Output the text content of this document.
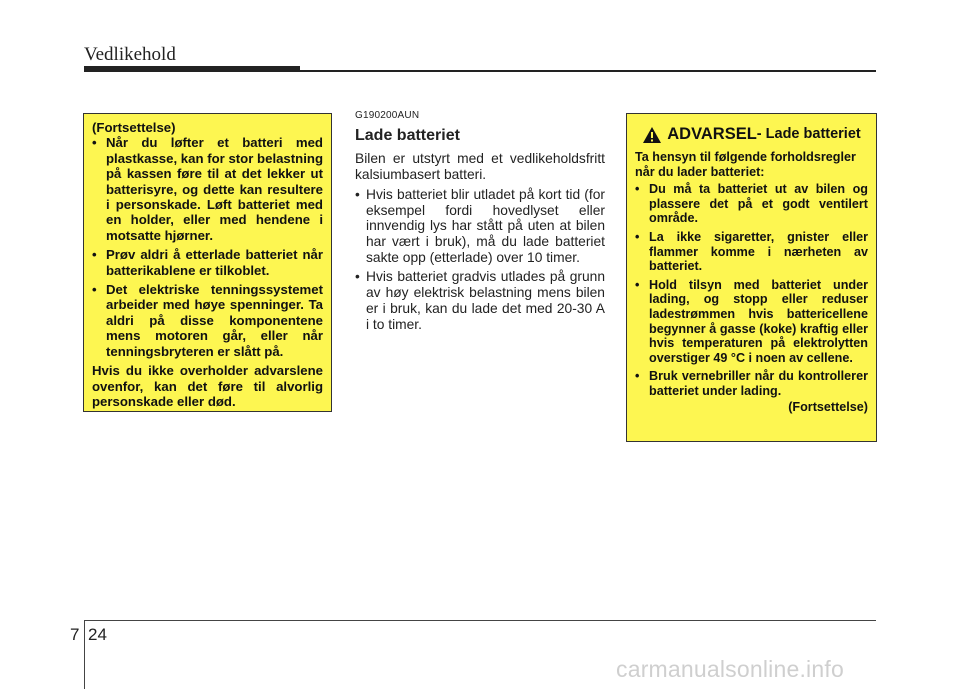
Vedlikehold

(Fortsettelse)

• Når du løfter et batteri med plastkasse, kan for stor belastning på kassen føre til at det lekker ut batterisyre, og dette kan resultere i personskade. Løft batteriet med en holder, eller med hendene i motsatte hjørner.
• Prøv aldri å etterlade batteriet når batterikablene er tilkoblet.
• Det elektriske tenningssystemet arbeider med høye spenninger. Ta aldri på disse komponentene mens motoren går, eller når tenningsbryteren er slått på.

Hvis du ikke overholder advarslene ovenfor, kan det føre til alvorlig personskade eller død.

G190200AUN
Lade batteriet

Bilen er utstyrt med et vedlikeholdsfritt kalsiumbasert batteri.

• Hvis batteriet blir utladet på kort tid (for eksempel fordi hovedlyset eller innvendig lys har stått på uten at bilen har vært i bruk), må du lade batteriet sakte opp (etterlade) over 10 timer.
• Hvis batteriet gradvis utlades på grunn av høy elektrisk belastning mens bilen er i bruk, kan du lade det med 20-30 A i to timer.
ADVARSEL - Lade batteriet

Ta hensyn til følgende forholdsregler når du lader batteriet:

• Du må ta batteriet ut av bilen og plassere det på et godt ventilert område.
• La ikke sigaretter, gnister eller flammer komme i nærheten av batteriet.
• Hold tilsyn med batteriet under lading, og stopp eller reduser ladestrømmen hvis battericellene begynner å gasse (koke) kraftig eller hvis temperaturen på elektrolytten overstiger 49 °C i noen av cellene.
• Bruk vernebriller når du kontrollerer batteriet under lading.

(Fortsettelse)

7 24
carmanualsonline.info
